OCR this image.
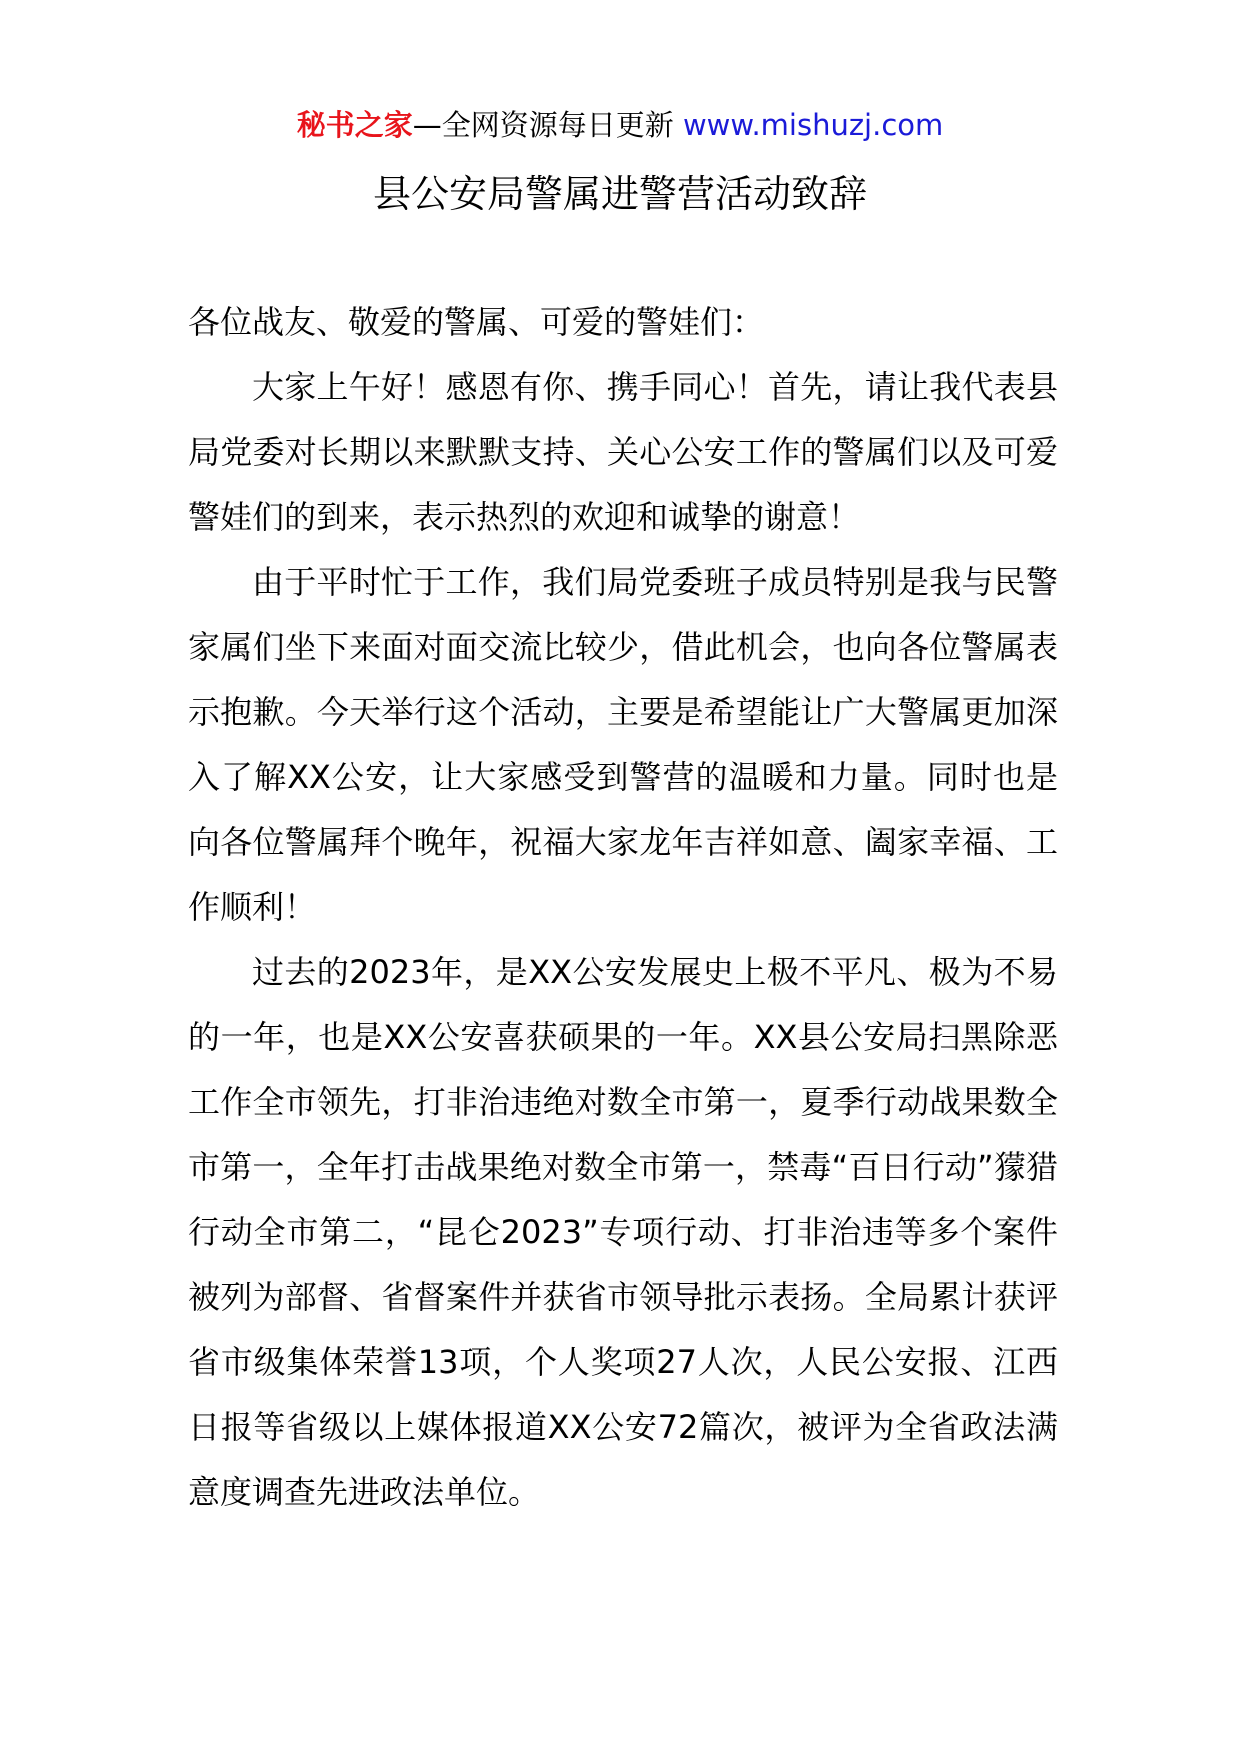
秘书之家—全网资源每日更新 www.mishuzj.com
县公安局警属进警营活动致辞

各位战友、敬爱的警属、可爱的警娃们：

大家上午好！感恩有你、携手同心！首先，请让我代表县局党委对长期以来默默支持、关心公安工作的警属们以及可爱警娃们的到来，表示热烈的欢迎和诚挚的谢意！

由于平时忙于工作，我们局党委班子成员特别是我与民警家属们坐下来面对面交流比较少，借此机会，也向各位警属表示抱歉。今天举行这个活动，主要是希望能让广大警属更加深入了解XX公安，让大家感受到警营的温暖和力量。同时也是向各位警属拜个晚年，祝福大家龙年吉祥如意、阖家幸福、工作顺利！

过去的2023年，是XX公安发展史上极不平凡、极为不易的一年，也是XX公安喜获硕果的一年。XX县公安局扫黑除恶工作全市领先，打非治违绝对数全市第一，夏季行动战果数全市第一，全年打击战果绝对数全市第一，禁毒“百日行动”獴猎行动全市第二，“昆仑2023”专项行动、打非治违等多个案件被列为部督、省督案件并获省市领导批示表扬。全局累计获评省市级集体荣誉13项，个人奖项27人次，人民公安报、江西日报等省级以上媒体报道XX公安72篇次，被评为全省政法满意度调查先进政法单位。
